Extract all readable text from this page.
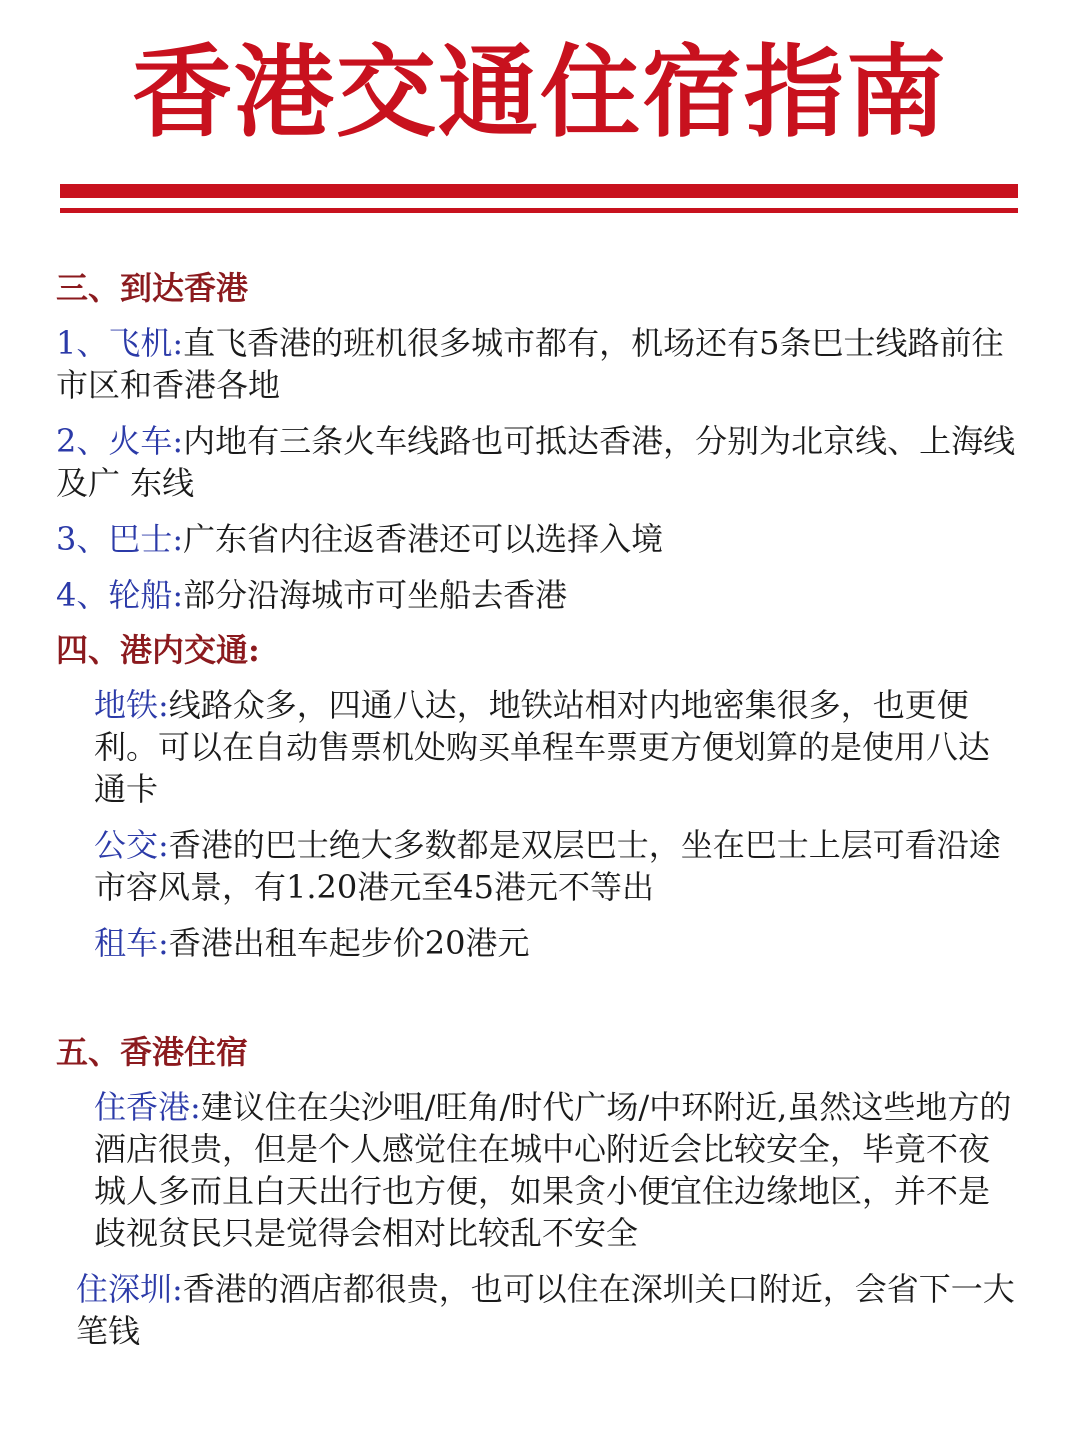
香港交通住宿指南

三、到达香港

1、飞机:直飞香港的班机很多城市都有，机场还有5条巴士线路前往市区和香港各地

2、火车:内地有三条火车线路也可抵达香港，分别为北京线、上海线及广 东线

3、巴士:广东省内往返香港还可以选择入境

4、轮船:部分沿海城市可坐船去香港

四、港内交通:

地铁:线路众多，四通八达，地铁站相对内地密集很多，也更便利。可以在自动售票机处购买单程车票更方便划算的是使用八达通卡

公交:香港的巴士绝大多数都是双层巴士，坐在巴士上层可看沿途市容风景，有1.20港元至45港元不等出

租车:香港出租车起步价20港元

五、香港住宿

住香港:建议住在尖沙咀/旺角/时代广场/中环附近,虽然这些地方的酒店很贵，但是个人感觉住在城中心附近会比较安全，毕竟不夜城人多而且白天出行也方便，如果贪小便宜住边缘地区，并不是歧视贫民只是觉得会相对比较乱不安全

住深圳:香港的酒店都很贵，也可以住在深圳关口附近，会省下一大笔钱
